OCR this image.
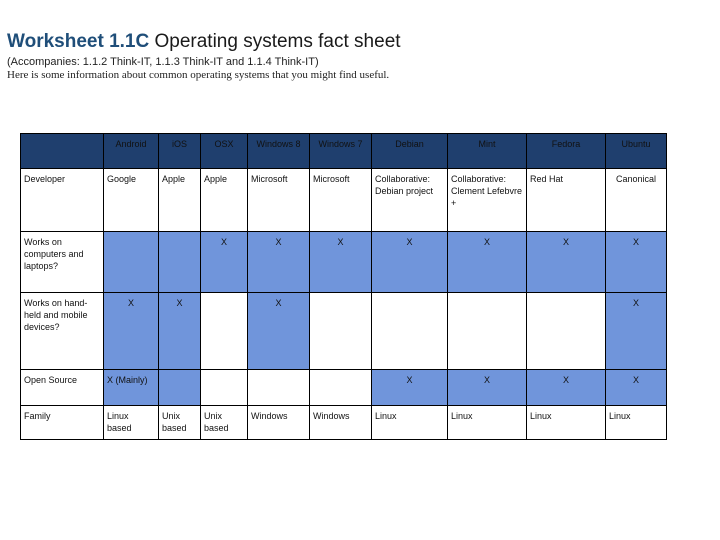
Worksheet 1.1C Operating systems fact sheet
(Accompanies: 1.1.2 Think-IT, 1.1.3 Think-IT and 1.1.4 Think-IT)
Here is some information about common operating systems that you might find useful.
	Android	iOS	OSX	Windows 8	Windows 7	Debian	Mint	Fedora	Ubuntu
Developer	Google	Apple	Apple	Microsoft	Microsoft	Collaborative: Debian project	Collaborative: Clement Lefebvre +	Red Hat	Canonical
Works on computers and laptops?			X	X	X	X	X	X	X
Works on hand-held and mobile devices?	X	X		X					X
Open Source	X (Mainly)					X	X	X	X
Family	Linux based	Unix based	Unix based	Windows	Windows	Linux	Linux	Linux	Linux
